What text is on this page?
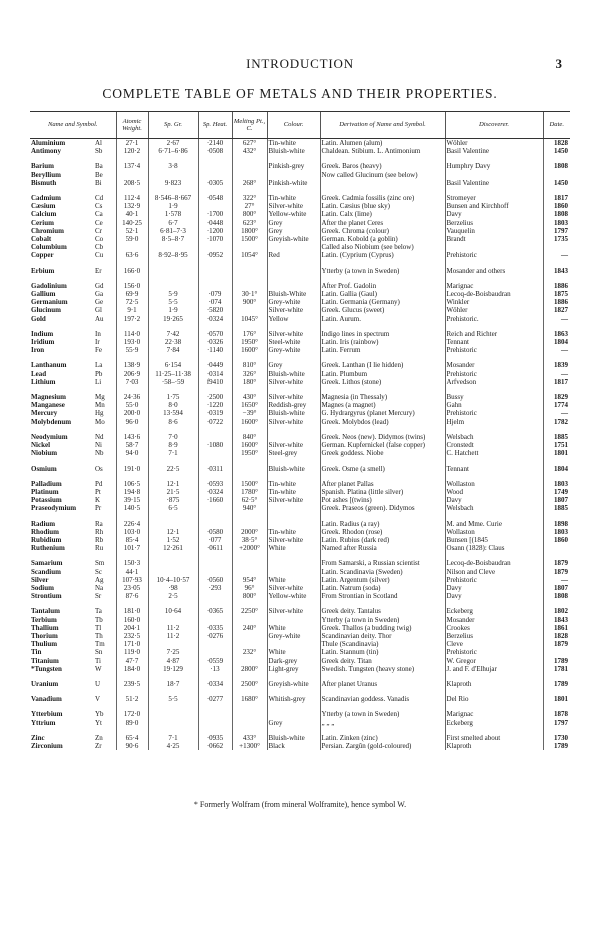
INTRODUCTION	3
COMPLETE TABLE OF METALS AND THEIR PROPERTIES.
Name and Symbol.		Atomic Weight.	Sp. Gr.	Sp. Heat.	Melting Pt., C.	Colour.	Derivation of Name and Symbol.	Discoverer.	Date.
Aluminium	Al	27·1	2·67	·2140	627°	Tin-white	Latin. Alumen (alum)	Wöhler	1828
Antimony	Sb	120·2	6·71–6·86	·0508	432°	Bluish-white	Chaldean. Stibium. L. Antimonium	Basil Valentine	1450

Barium	Ba	137·4	3·8			Pinkish-grey	Greek. Baros (heavy)	Humphry Davy	1808
Beryllium	Be						Now called Glucinum (see below)		
Bismuth	Bi	208·5	9·823	·0305	268°	Pinkish-white		Basil Valentine	1450

Cadmium	Cd	112·4	8·546–8·667	·0548	322°	Tin-white	Greek. Cadmia fossilis (zinc ore)	Stromeyer	1817
Cæsium	Cs	132·9	1·9		27°	Silver-white	Latin. Cæsius (blue sky)	Bunsen and Kirchhoff	1860
Calcium	Ca	40·1	1·578	·1700	800°	Yellow-white	Latin. Calx (lime)	Davy	1808
Cerium	Ce	140·25	6·7	·0448	623°	Grey	After the planet Ceres	Berzelius	1803
Chromium	Cr	52·1	6·81–7·3	·1200	1800°	Grey	Greek. Chroma (colour)	Vauquelin	1797
Cobalt	Co	59·0	8·5–8·7	·1070	1500°	Greyish-white	German. Kobold (a goblin)	Brandt	1735
Columbium	Cb						Called also Niobium (see below)		
Copper	Cu	63·6	8·92–8·95	·0952	1054°	Red	Latin. (Cyprium (Cyprus)	Prehistoric	—

Erbium	Er	166·0					Ytterby (a town in Sweden)	Mosander and others	1843

Gadolinium	Gd	156·0					After Prof. Gadolin	Marignac	1886
Gallium	Ga	69·9	5·9	·079	30·1°	Bluish-White	Latin. Gallia (Gaul)	Lecoq-de-Boisbaudran	1875
Germanium	Ge	72·5	5·5	·074	900°	Grey-white	Latin. Germania (Germany)	Winkler	1886
Glucinum	Gl	9·1	1·9	·5820		Silver-white	Greek. Glucus (sweet)	Wöhler	1827
Gold	Au	197·2	19·265	·0324	1045°	Yellow	Latin. Aurum.	Prehistoric.	—

Indium	In	114·0	7·42	·0570	176°	Silver-white	Indigo lines in spectrum	Reich and Richter	1863
Iridium	Ir	193·0	22·38	·0326	1950°	Steel-white	Latin. Iris (rainbow)	Tennant	1804
Iron	Fe	55·9	7·84	·1140	1600°	Grey-white	Latin. Ferrum	Prehistoric	—

Lanthanum	La	138·9	6·154	·0449	810°	Grey	Greek. Lanthan (I lie hidden)	Mosander	1839
Lead	Pb	206·9	11·25–11·38	·0314	326°	Bluish-white	Latin. Plumbum	Prehistoric	—
Lithium	Li	7·03	·58–·59	f9410	180°	Silver-white	Greek. Lithos (stone)	Arfvedson	1817

Magnesium	Mg	24·36	1·75	·2500	430°	Silver-white	Magnesia (in Thessaly)	Bussy	1829
Manganese	Mn	55·0	8·0	·1220	1650°	Reddish-grey	Magnes (a magnet)	Gahn	1774
Mercury	Hg	200·0	13·594	·0319	−39°	Bluish-white	G. Hydrargyrus (planet Mercury)	Prehistoric	—
Molybdenum	Mo	96·0	8·6	·0722	1600°	Silver-white	Greek. Molybdos (lead)	Hjelm	1782

Neodymium	Nd	143·6	7·0		840°		Greek. Neos (new). Didymos (twins)	Welsbach	1885
Nickel	Ni	58·7	8·9	·1080	1600°	Silver-white	German. Kupfernickel (false copper)	Cronstedt	1751
Niobium	Nb	94·0	7·1		1950°	Steel-grey	Greek goddess. Niobe	C. Hatchett	1801

Osmium	Os	191·0	22·5	·0311		Bluish-white	Greek. Osme (a smell)	Tennant	1804

Palladium	Pd	106·5	12·1	·0593	1500°	Tin-white	After planet Pallas	Wollaston	1803
Platinum	Pt	194·8	21·5	·0324	1780°	Tin-white	Spanish. Platina (little silver)	Wood	1749
Potassium	K	39·15	·875	·1660	62·5°	Silver-white	Pot ashes [(twins)	Davy	1807
Praseodymium	Pr	140·5	6·5		940°		Greek. Praseos (green). Didymos	Welsbach	1885

Radium	Ra	226·4					Latin. Radius (a ray)	M. and Mme. Curie	1898
Rhodium	Rh	103·0	12·1	·0580	2000°	Tin-white	Greek. Rhodon (rose)	Wollaston	1803
Rubidium	Rb	85·4	1·52	·077	38·5°	Silver-white	Latin. Rubius (dark red)	Bunsen [(1845	1860
Ruthenium	Ru	101·7	12·261	·0611	+2000°	White	Named after Russia	Osann (1828): Claus	

Samarium	Sm	150·3					From Samarski, a Russian scientist	Lecoq-de-Boisbaudran	1879
Scandium	Sc	44·1					Latin. Scandinavia (Sweden)	Nilson and Cleve	1879
Silver	Ag	107·93	10·4–10·57	·0560	954°	White	Latin. Argentum (silver)	Prehistoric	—
Sodium	Na	23·05	·98	·293	96°	Silver-white	Latin. Natrum (soda)	Davy	1807
Strontium	Sr	87·6	2·5		800°	Yellow-white	From Strontian in Scotland	Davy	1808

Tantalum	Ta	181·0	10·64	·0365	2250°	Silver-white	Greek deity. Tantalus	Eckeberg	1802
Terbium	Tb	160·0					Ytterby (a town in Sweden)	Mosander	1843
Thallium	Tl	204·1	11·2	·0335	240°	White	Greek. Thallos (a budding twig)	Crookes	1861
Thorium	Th	232·5	11·2	·0276		Grey-white	Scandinavian deity. Thor	Berzelius	1828
Thulium	Tm	171·0					Thule (Scandinavia)	Cleve	1879
Tin	Sn	119·0	7·25		232°	White	Latin. Stannum (tin)	Prehistoric	
Titanium	Ti	47·7	4·87	·0559		Dark-grey	Greek deity. Titan	W. Gregor	1789
*Tungsten	W	184·0	19·129	·13	2800°	Light-grey	Swedish. Tungsten (heavy stone)	J. and F. d'Elhujar	1781

Uranium	U	239·5	18·7	·0334	2500°	Greyish-white	After planet Uranus	Klaproth	1789

Vanadium	V	51·2	5·5	·0277	1680°	Whitish-grey	Scandinavian goddess. Vanadis	Del Rio	1801

Ytterbium	Yb	172·0					Ytterby (a town in Sweden)	Marignac	1878
Yttrium	Yt	89·0				Grey	„ „ „	Eckeberg	1797

Zinc	Zn	65·4	7·1	·0935	433°	Bluish-white	Latin. Zinken (zinc)	First smelted about	1730
Zirconium	Zr	90·6	4·25	·0662	+1300°	Black	Persian. Zargûn (gold-coloured)	Klaproth	1789
* Formerly Wolfram (from mineral Wolframite), hence symbol W.
